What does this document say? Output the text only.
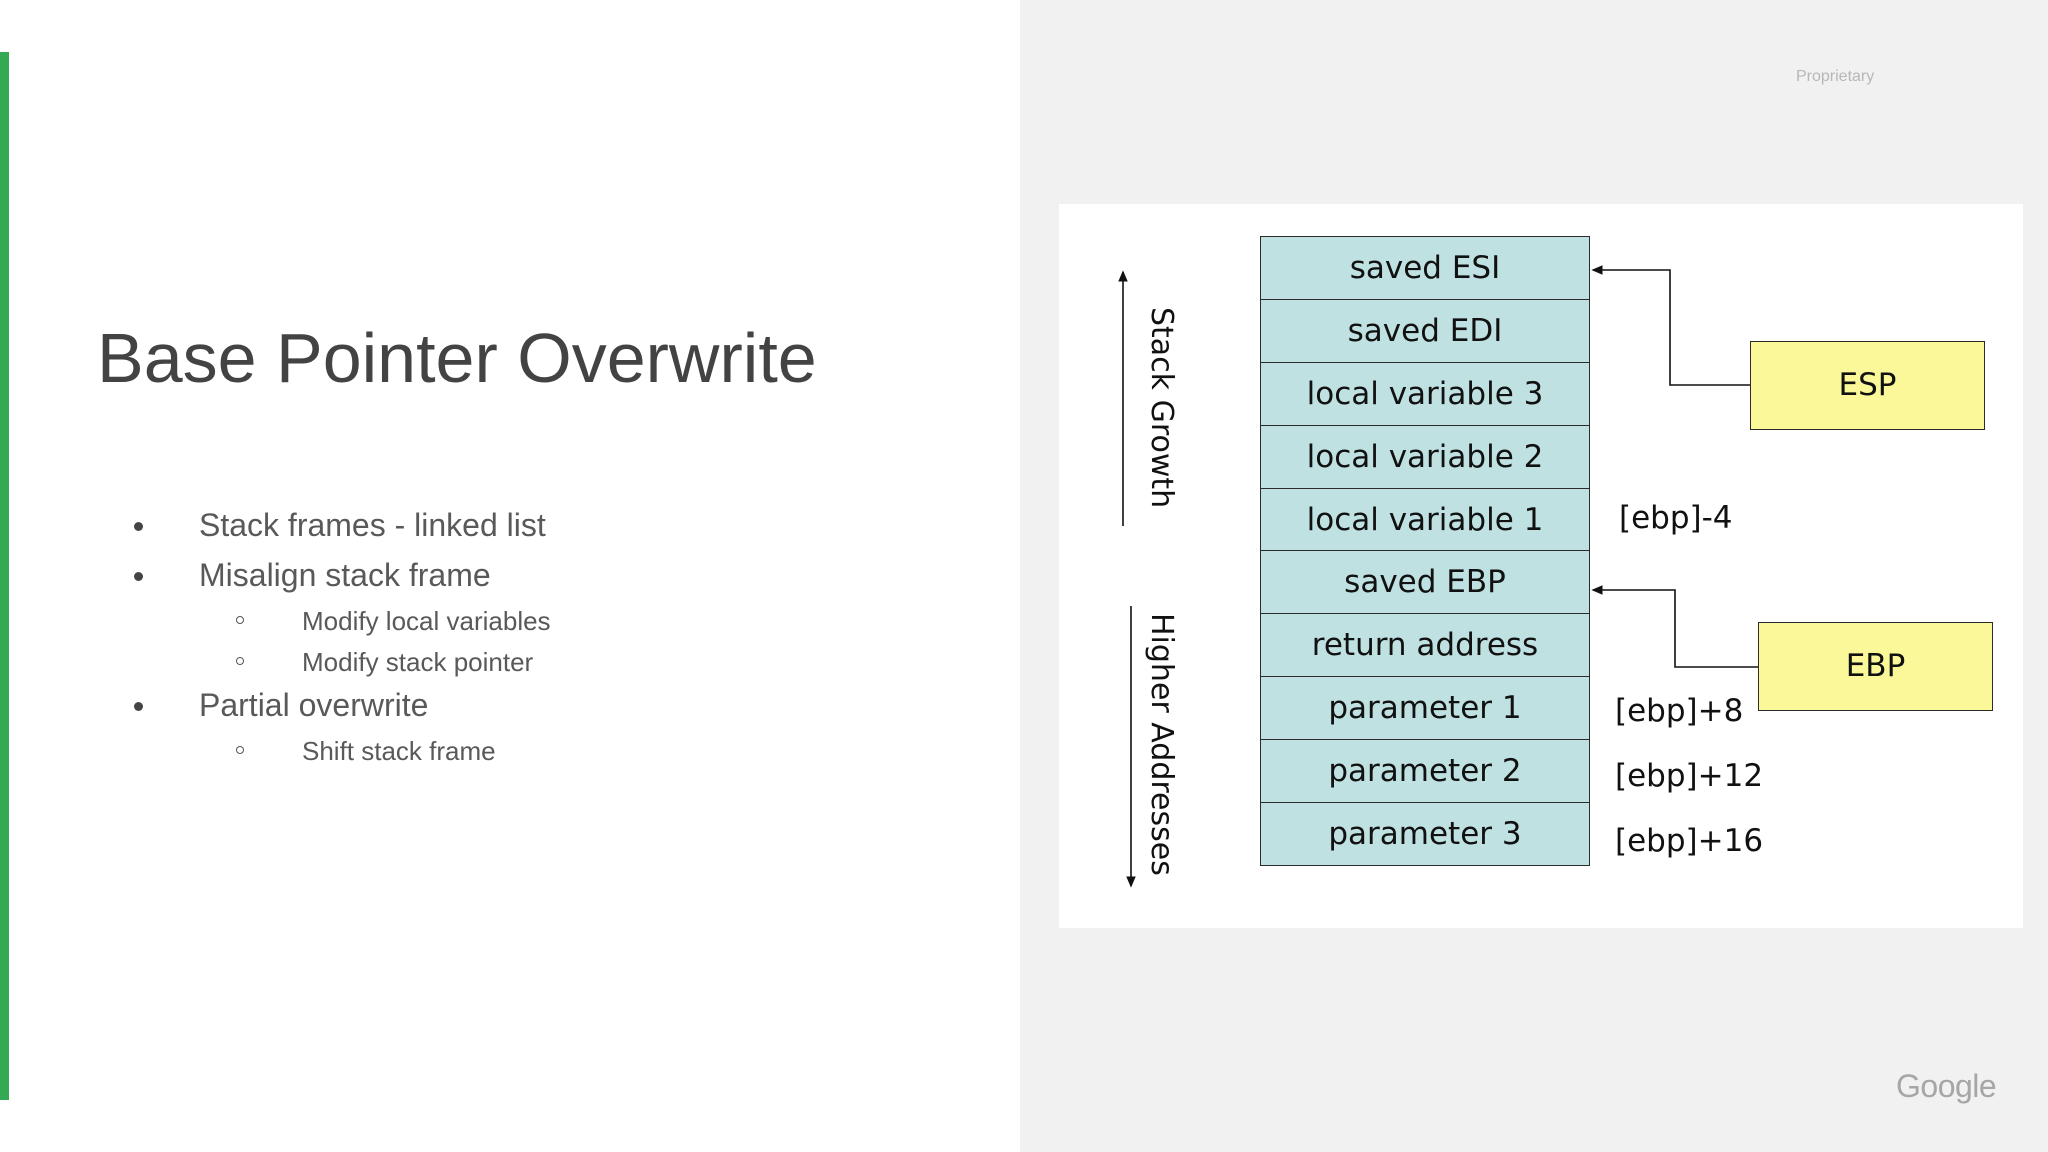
Base Pointer Overwrite
Stack frames - linked list
Misalign stack frame
Modify local variables
Modify stack pointer
Partial overwrite
Shift stack frame
Proprietary
Stack Growth
Higher Addresses
saved ESI
saved EDI
local variable 3
local variable 2
local variable 1
saved EBP
return address
parameter 1
parameter 2
parameter 3
[ebp]-4
[ebp]+8
[ebp]+12
[ebp]+16
ESP
EBP
Google
